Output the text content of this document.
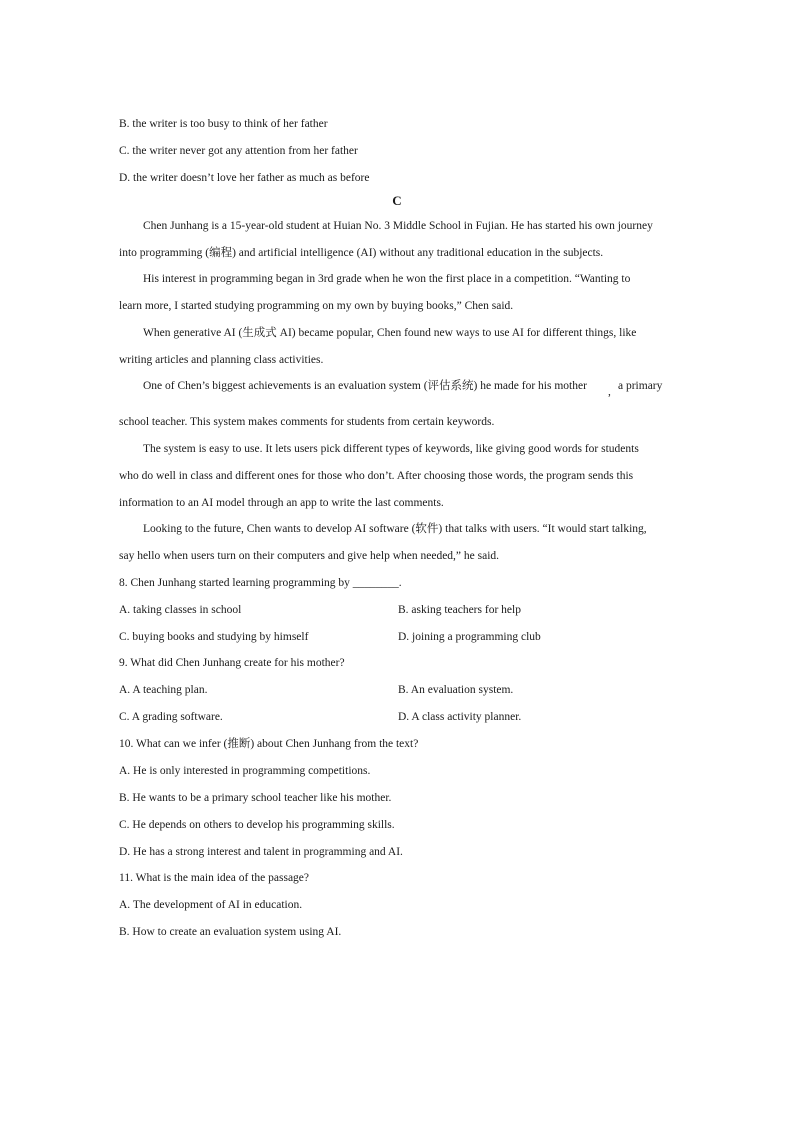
B. the writer is too busy to think of her father
C. the writer never got any attention from her father
D. the writer doesn’t love her father as much as before
C
Chen Junhang is a 15-year-old student at Huian No. 3 Middle School in Fujian. He has started his own journey
into programming (编程) and artificial intelligence (AI) without any traditional education in the subjects.
His interest in programming began in 3rd grade when he won the first place in a competition. “Wanting to
learn more, I started studying programming on my own by buying books,” Chen said.
When generative AI (生成式 AI) became popular, Chen found new ways to use AI for different things, like
writing articles and planning class activities.
One of Chen’s biggest achievements is an evaluation system (评估系统) he made for his mother , a primary
school teacher. This system makes comments for students from certain keywords.
The system is easy to use. It lets users pick different types of keywords, like giving good words for students
who do well in class and different ones for those who don’t. After choosing those words, the program sends this
information to an AI model through an app to write the last comments.
Looking to the future, Chen wants to develop AI software (软件) that talks with users. “It would start talking,
say hello when users turn on their computers and give help when needed,” he said.
8. Chen Junhang started learning programming by ________.
A. taking classes in school	B. asking teachers for help
C. buying books and studying by himself	D. joining a programming club
9. What did Chen Junhang create for his mother?
A. A teaching plan.	B. An evaluation system.
C. A grading software.	D. A class activity planner.
10. What can we infer (推断) about Chen Junhang from the text?
A. He is only interested in programming competitions.
B. He wants to be a primary school teacher like his mother.
C. He depends on others to develop his programming skills.
D. He has a strong interest and talent in programming and AI.
11. What is the main idea of the passage?
A. The development of AI in education.
B. How to create an evaluation system using AI.
